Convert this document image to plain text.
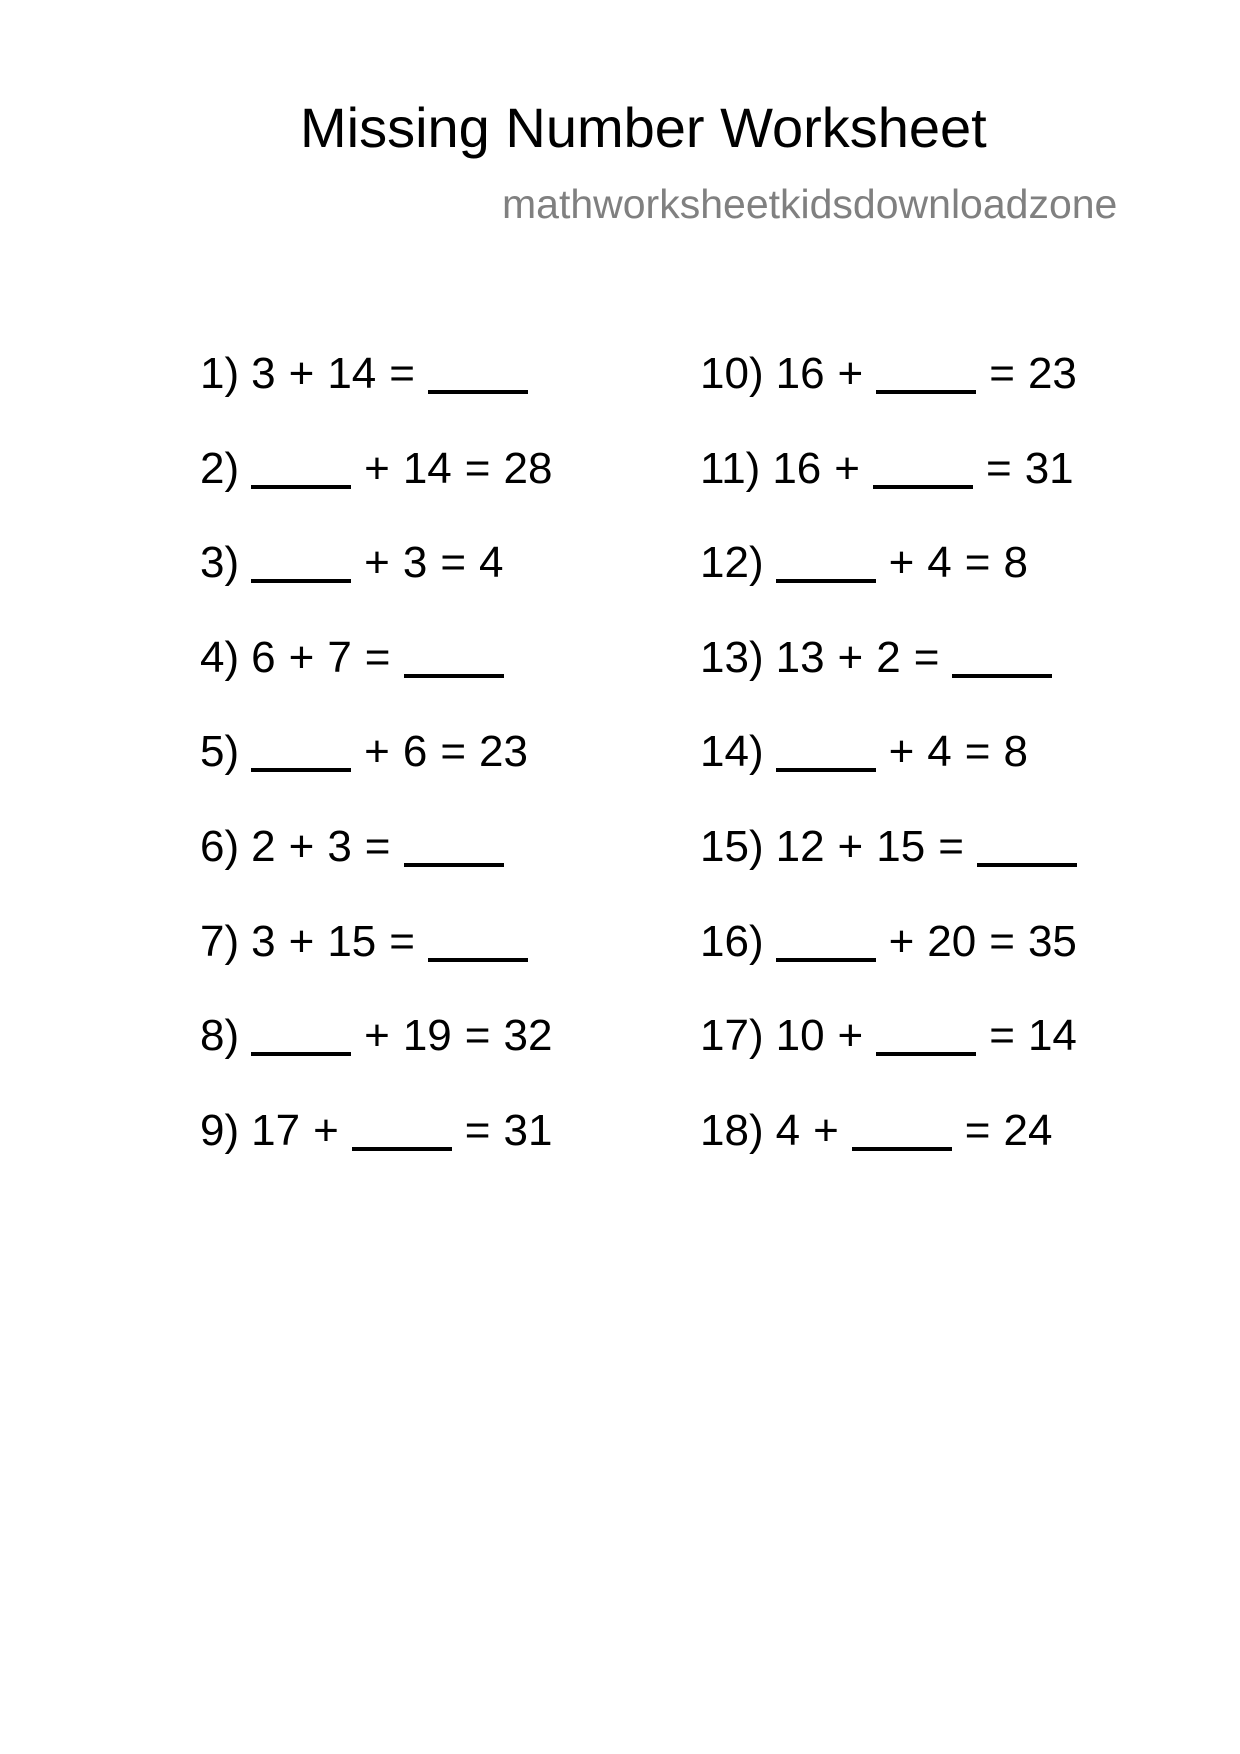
Missing Number Worksheet
mathworksheetkidsdownloadzone
1) 3 + 14 =
2)	+ 14 = 28
3)	+ 3 = 4
4) 6 + 7 =
5)	+ 6 = 23
6) 2 + 3 =
7) 3 + 15 =
8)	+ 19 = 32
9) 17 +	= 31
10) 16 +	= 23
11) 16 +	= 31
12)	+ 4 = 8
13) 13 + 2 =
14)	+ 4 = 8
15) 12 + 15 =
16)	+ 20 = 35
17) 10 +	= 14
18) 4 +	= 24
